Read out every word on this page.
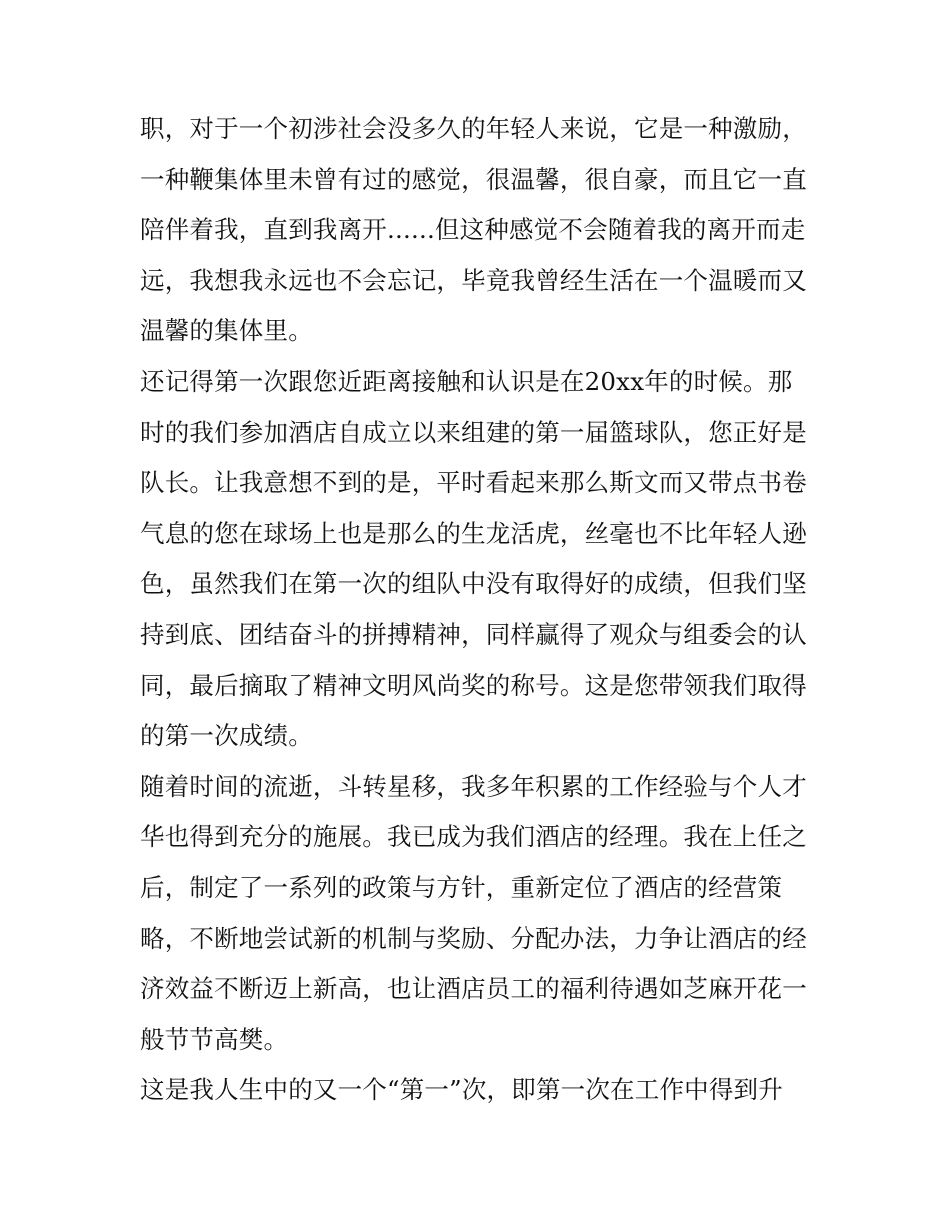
职，对于一个初涉社会没多久的年轻人来说，它是一种激励，
一种鞭集体里未曾有过的感觉，很温馨，很自豪，而且它一直
陪伴着我，直到我离开......但这种感觉不会随着我的离开而走
远，我想我永远也不会忘记，毕竟我曾经生活在一个温暖而又
温馨的集体里。
还记得第一次跟您近距离接触和认识是在20xx年的时候。那
时的我们参加酒店自成立以来组建的第一届篮球队，您正好是
队长。让我意想不到的是，平时看起来那么斯文而又带点书卷
气息的您在球场上也是那么的生龙活虎，丝毫也不比年轻人逊
色，虽然我们在第一次的组队中没有取得好的成绩，但我们坚
持到底、团结奋斗的拼搏精神，同样赢得了观众与组委会的认
同，最后摘取了精神文明风尚奖的称号。这是您带领我们取得
的第一次成绩。
随着时间的流逝，斗转星移，我多年积累的工作经验与个人才
华也得到充分的施展。我已成为我们酒店的经理。我在上任之
后，制定了一系列的政策与方针，重新定位了酒店的经营策
略，不断地尝试新的机制与奖励、分配办法，力争让酒店的经
济效益不断迈上新高，也让酒店员工的福利待遇如芝麻开花一
般节节高樊。
这是我人生中的又一个“第一”次，即第一次在工作中得到升
